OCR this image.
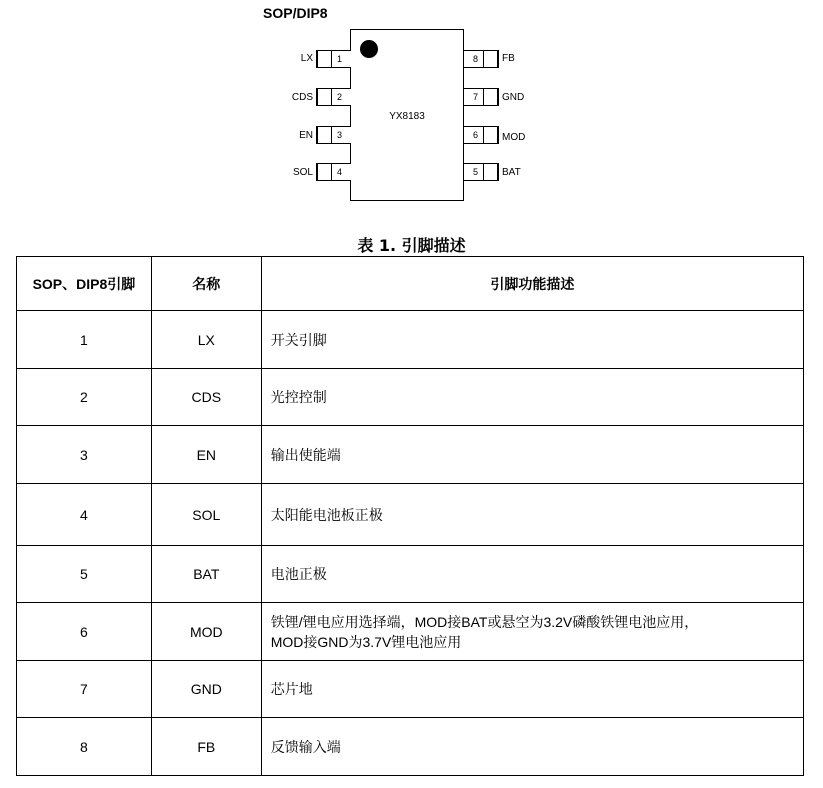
SOP/DIP8
YX8183
1
LX
2
CDS
3
EN
4
SOL
8 FB
7 GND
6 MOD
5 BAT
表 1. 引脚描述
SOP、DIP8引脚	名称	引脚功能描述
1	LX	开关引脚
2	CDS	光控控制
3	EN	输出使能端
4	SOL	太阳能电池板正极
5	BAT	电池正极
6	MOD	铁锂/锂电应用选择端，MOD接BAT或悬空为3.2V磷酸铁锂电池应用，
MOD接GND为3.7V锂电池应用

7	GND	芯片地
8	FB	反馈输入端
